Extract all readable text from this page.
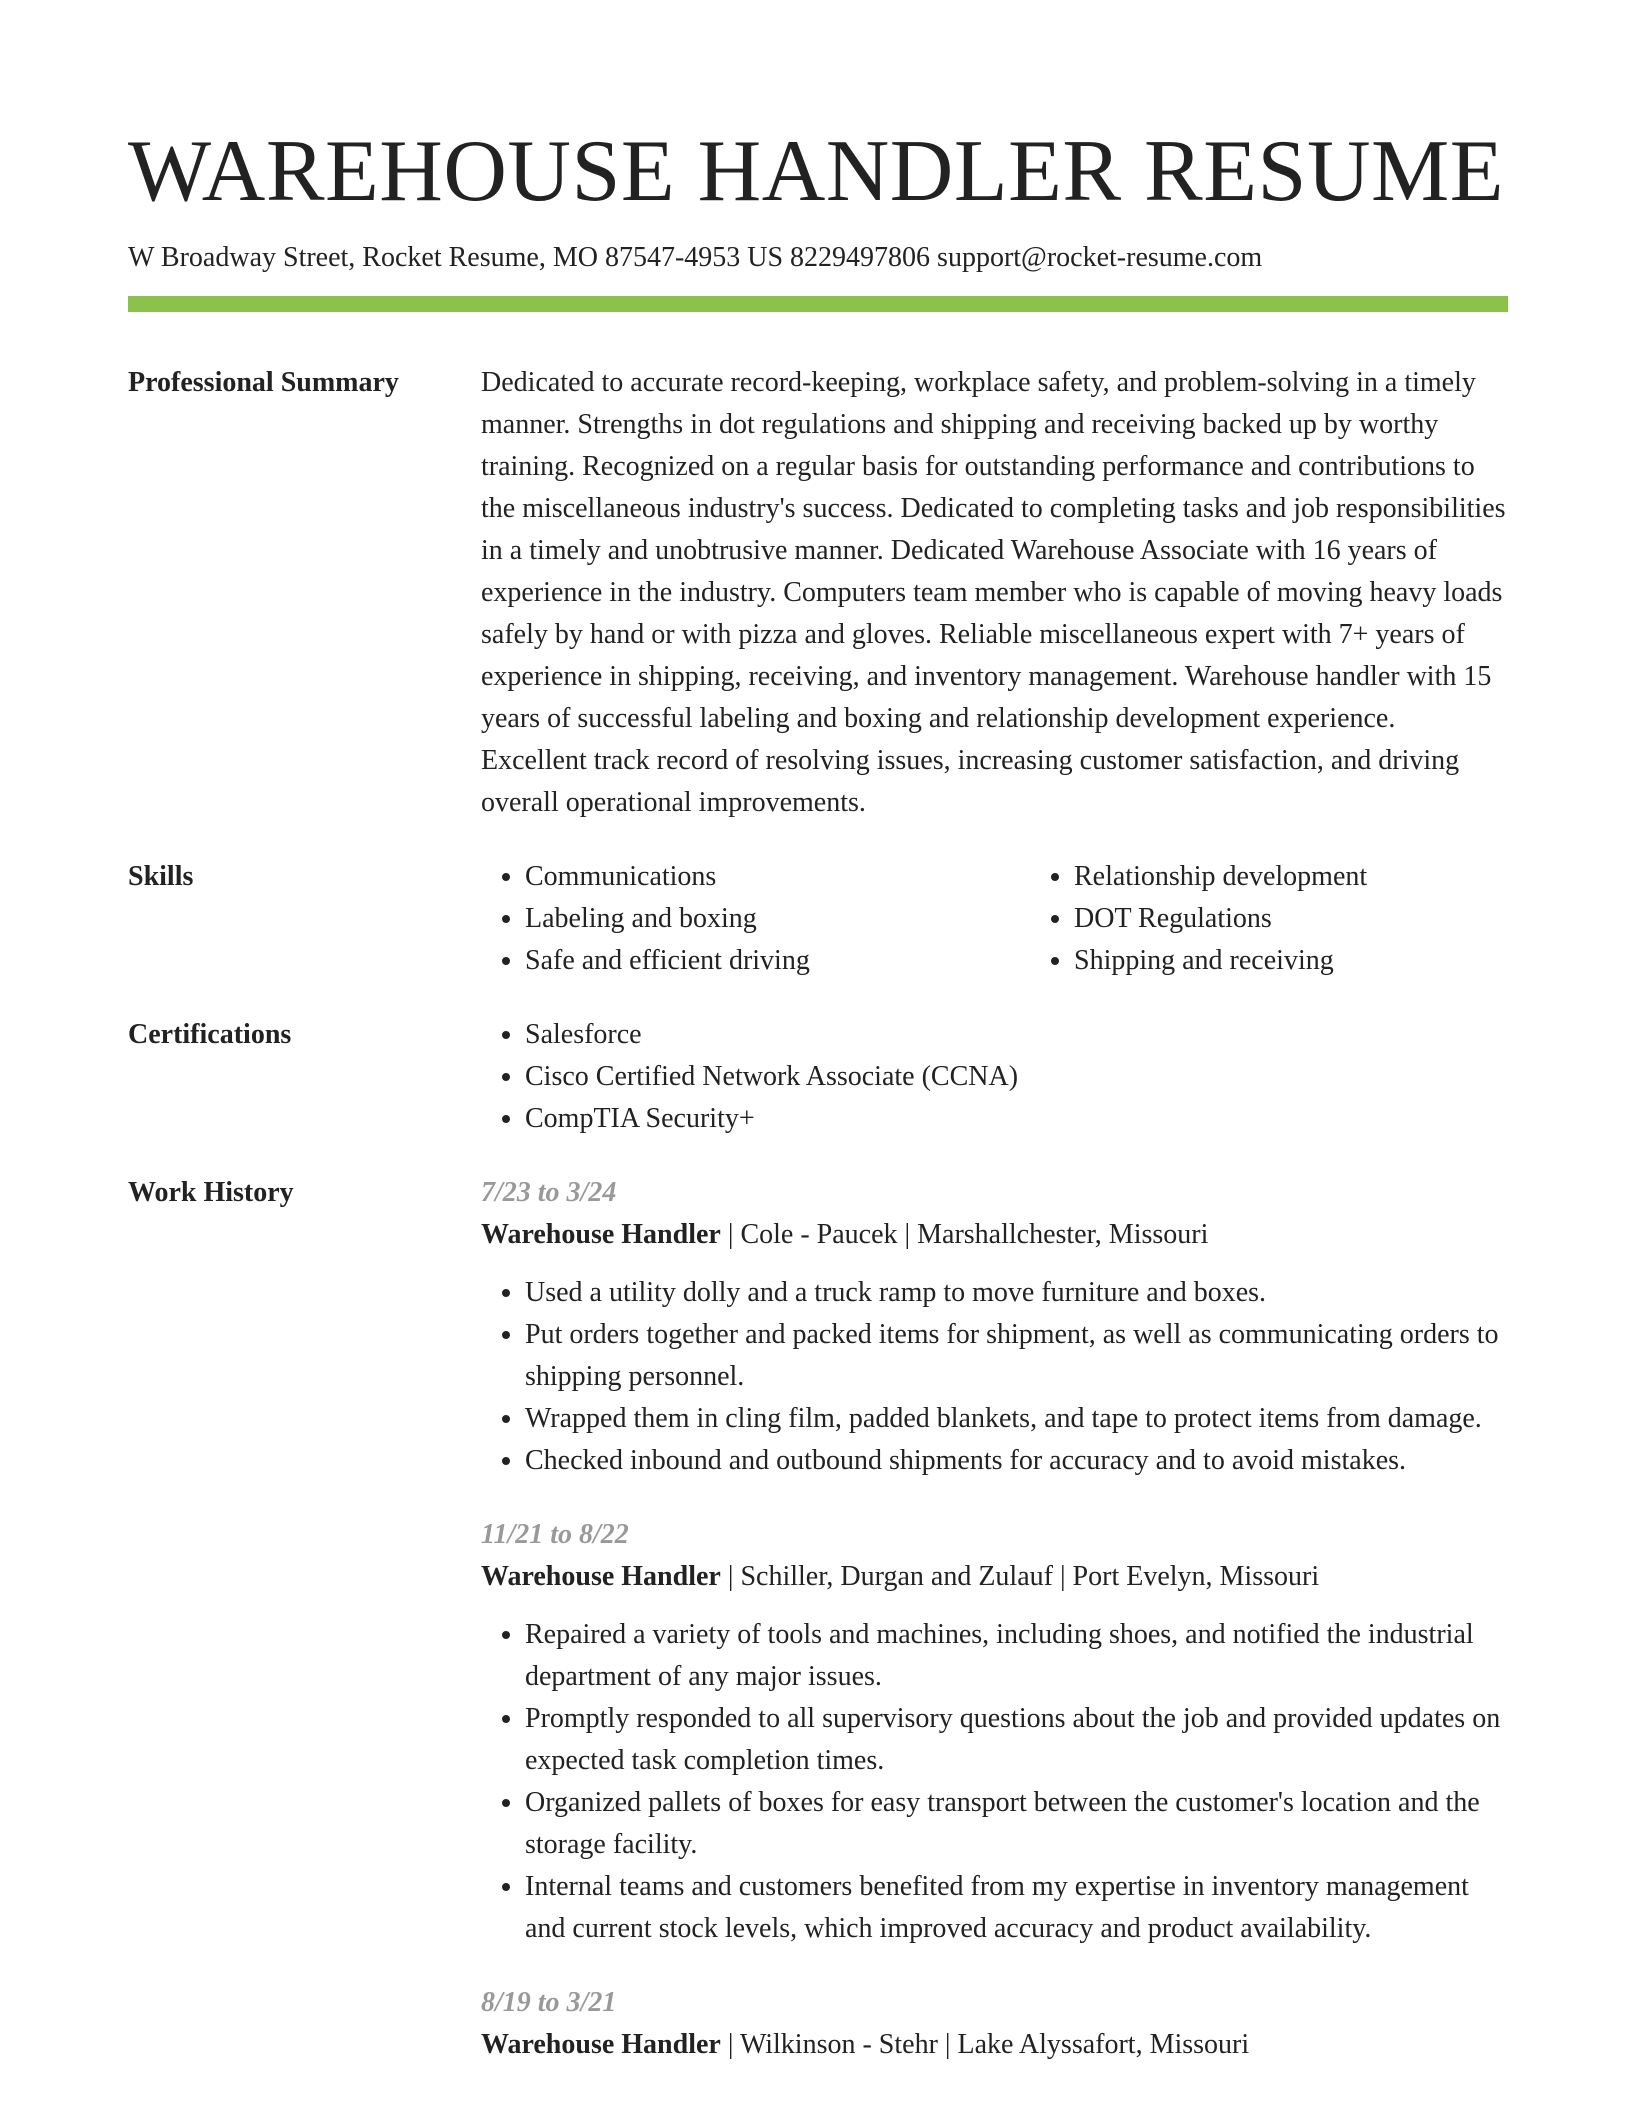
WAREHOUSE HANDLER RESUME
W Broadway Street, Rocket Resume, MO 87547-4953 US 8229497806 support@rocket-resume.com
Professional Summary	Dedicated to accurate record-keeping, workplace safety, and problem-solving in a timely manner. Strengths in dot regulations and shipping and receiving backed up by worthy training. Recognized on a regular basis for outstanding performance and contributions to the miscellaneous industry's success. Dedicated to completing tasks and job responsibilities in a timely and unobtrusive manner. Dedicated Warehouse Associate with 16 years of experience in the industry. Computers team member who is capable of moving heavy loads safely by hand or with pizza and gloves. Reliable miscellaneous expert with 7+ years of experience in shipping, receiving, and inventory management. Warehouse handler with 15 years of successful labeling and boxing and relationship development experience. Excellent track record of resolving issues, increasing customer satisfaction, and driving overall operational improvements.

Skills	• Communications
• Labeling and boxing
• Safe and efficient driving
• Relationship development
• DOT Regulations
• Shipping and receiving
Certifications	• Salesforce
• Cisco Certified Network Associate (CCNA)
• CompTIA Security+
Work History	7/23 to 3/24
Warehouse Handler | Cole - Paucek | Marshallchester, Missouri
• Used a utility dolly and a truck ramp to move furniture and boxes.
• Put orders together and packed items for shipment, as well as communicating orders to shipping personnel.
• Wrapped them in cling film, padded blankets, and tape to protect items from damage.
• Checked inbound and outbound shipments for accuracy and to avoid mistakes.
11/21 to 8/22
Warehouse Handler | Schiller, Durgan and Zulauf | Port Evelyn, Missouri
• Repaired a variety of tools and machines, including shoes, and notified the industrial department of any major issues.
• Promptly responded to all supervisory questions about the job and provided updates on expected task completion times.
• Organized pallets of boxes for easy transport between the customer's location and the storage facility.
• Internal teams and customers benefited from my expertise in inventory management and current stock levels, which improved accuracy and product availability.
8/19 to 3/21
Warehouse Handler | Wilkinson - Stehr | Lake Alyssafort, Missouri
